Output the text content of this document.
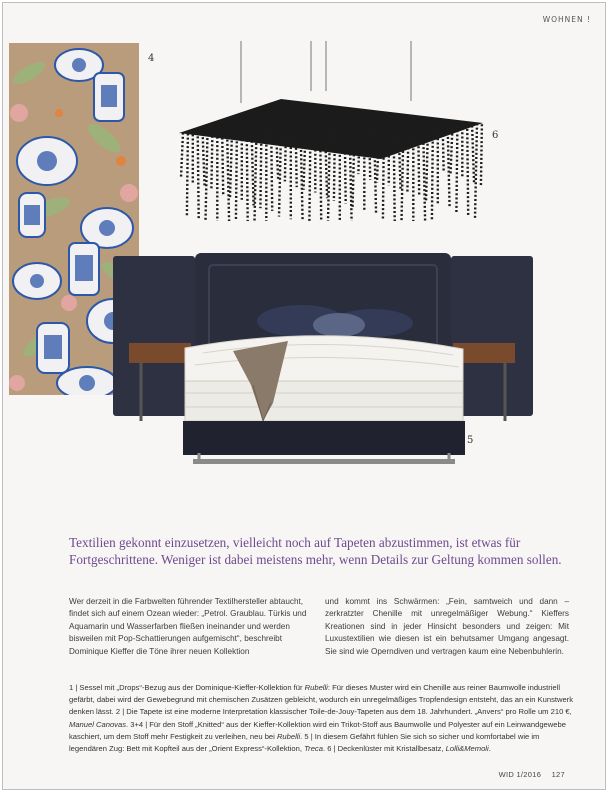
WOHNEN !
4
6
5
Textilien gekonnt einzusetzen, vielleicht noch auf Tapeten abzustimmen, ist etwas für Fortgeschrittene. Weniger ist dabei meistens mehr, wenn Details zur Geltung kommen sollen.
Wer derzeit in die Farbwelten führender Textilhersteller abtaucht, findet sich auf einem Ozean wieder: „Petrol. Graublau. Türkis und Aquamarin und Wasserfarben fließen ineinander und werden bisweilen mit Pop-Schattierungen aufgemischt“, beschreibt Dominique Kieffer die Töne ihrer neuen Kollektion
und kommt ins Schwärmen: „Fein, samtweich und dann – zerkratzter Chenille mit unregelmäßiger Webung.“ Kieffers Kreationen sind in jeder Hinsicht besonders und zeigen: Mit Luxustextilien wie diesen ist ein behutsamer Umgang angesagt. Sie sind wie Operndiven und vertragen kaum eine Nebenbuhlerin.
1 | Sessel mit „Drops“-Bezug aus der Dominique-Kieffer-Kollektion für Rubelli: Für dieses Muster wird ein Chenille aus reiner Baumwolle industriell gefärbt, dabei wird der Gewebegrund mit chemischen Zusätzen gebleicht, wodurch ein unregelmäßiges Tropfendesign entsteht, das an ein Kunstwerk denken lässt. 2 | Die Tapete ist eine moderne Interpretation klassischer Toile-de-Jouy-Tapeten aus dem 18. Jahrhundert. „Anvers“ pro Rolle um 210 €, Manuel Canovas. 3+4 | Für den Stoff „Knitted“ aus der Kieffer-Kollektion wird ein Trikot-Stoff aus Baumwolle und Polyester auf ein Leinwandgewebe kaschiert, um dem Stoff mehr Festigkeit zu verleihen, neu bei Rubelli. 5 | In diesem Gefährt fühlen Sie sich so sicher und komfortabel wie im legendären Zug: Bett mit Kopfteil aus der „Orient Express“-Kollektion, Treca. 6 | Deckenlüster mit Kristallbesatz, Lolli&Memoli.
WID 1/2016 127
